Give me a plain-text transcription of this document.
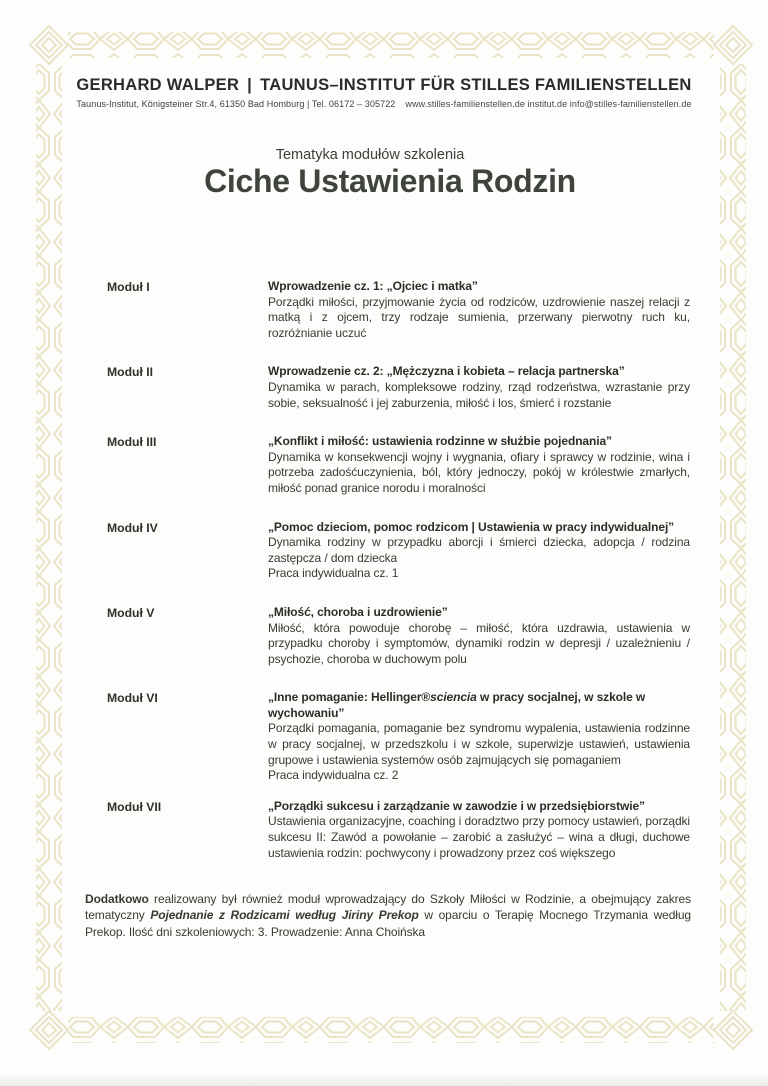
GERHARD WALPER | TAUNUS–INSTITUT FÜR STILLES FAMILIENSTELLEN
Taunus-Institut, Königsteiner Str.4, 61350 Bad Homburg | Tel. 06172 – 305722 www.stilles-familienstellen.de institut.de info@stilles-familienstellen.de
Tematyka modułów szkolenia
Ciche Ustawienia Rodzin
Moduł I	Wprowadzenie cz. 1: „Ojciec i matka”
Porządki miłości, przyjmowanie życia od rodziców, uzdrowienie naszej relacji z matką i z ojcem, trzy rodzaje sumienia, przerwany pierwotny ruch ku, rozróżnianie uczuć
Moduł II	Wprowadzenie cz. 2: „Mężczyzna i kobieta – relacja partnerska”
Dynamika w parach, kompleksowe rodziny, rząd rodzeństwa, wzrastanie przy sobie, seksualność i jej zaburzenia, miłość i los, śmierć i rozstanie
Moduł III	„Konflikt i miłość: ustawienia rodzinne w służbie pojednania”
Dynamika w konsekwencji wojny i wygnania, ofiary i sprawcy w rodzinie, wina i potrzeba zadośćuczynienia, ból, który jednoczy, pokój w królestwie zmarłych, miłość ponad granice norodu i moralności
Moduł IV	„Pomoc dzieciom, pomoc rodzicom | Ustawienia w pracy indywidualnej”
Dynamika rodziny w przypadku aborcji i śmierci dziecka, adopcja / rodzina zastępcza / dom dziecka
Praca indywidualna cz. 1
Moduł V	„Miłość, choroba i uzdrowienie”
Miłość, która powoduje chorobę – miłość, która uzdrawia, ustawienia w przypadku choroby i symptomów, dynamiki rodzin w depresji / uzależnieniu / psychozie, choroba w duchowym polu
Moduł VI	„Inne pomaganie: Hellinger®sciencia w pracy socjalnej, w szkole w wychowaniu”
Porządki pomagania, pomaganie bez syndromu wypalenia, ustawienia rodzinne w pracy socjalnej, w przedszkolu i w szkole, superwizje ustawień, ustawienia grupowe i ustawienia systemów osób zajmujących się pomaganiem
Praca indywidualna cz. 2
Moduł VII	„Porządki sukcesu i zarządzanie w zawodzie i w przedsiębiorstwie”
Ustawienia organizacyjne, coaching i doradztwo przy pomocy ustawień, porządki sukcesu II: Zawód a powołanie – zarobić a zasłużyć – wina a długi, duchowe ustawienia rodzin: pochwycony i prowadzony przez coś większego
Dodatkowo realizowany był również moduł wprowadzający do Szkoły Miłości w Rodzinie, a obejmujący zakres tematyczny Pojednanie z Rodzicami według Jiriny Prekop w oparciu o Terapię Mocnego Trzymania według Prekop. Ilość dni szkoleniowych: 3. Prowadzenie: Anna Choińska
